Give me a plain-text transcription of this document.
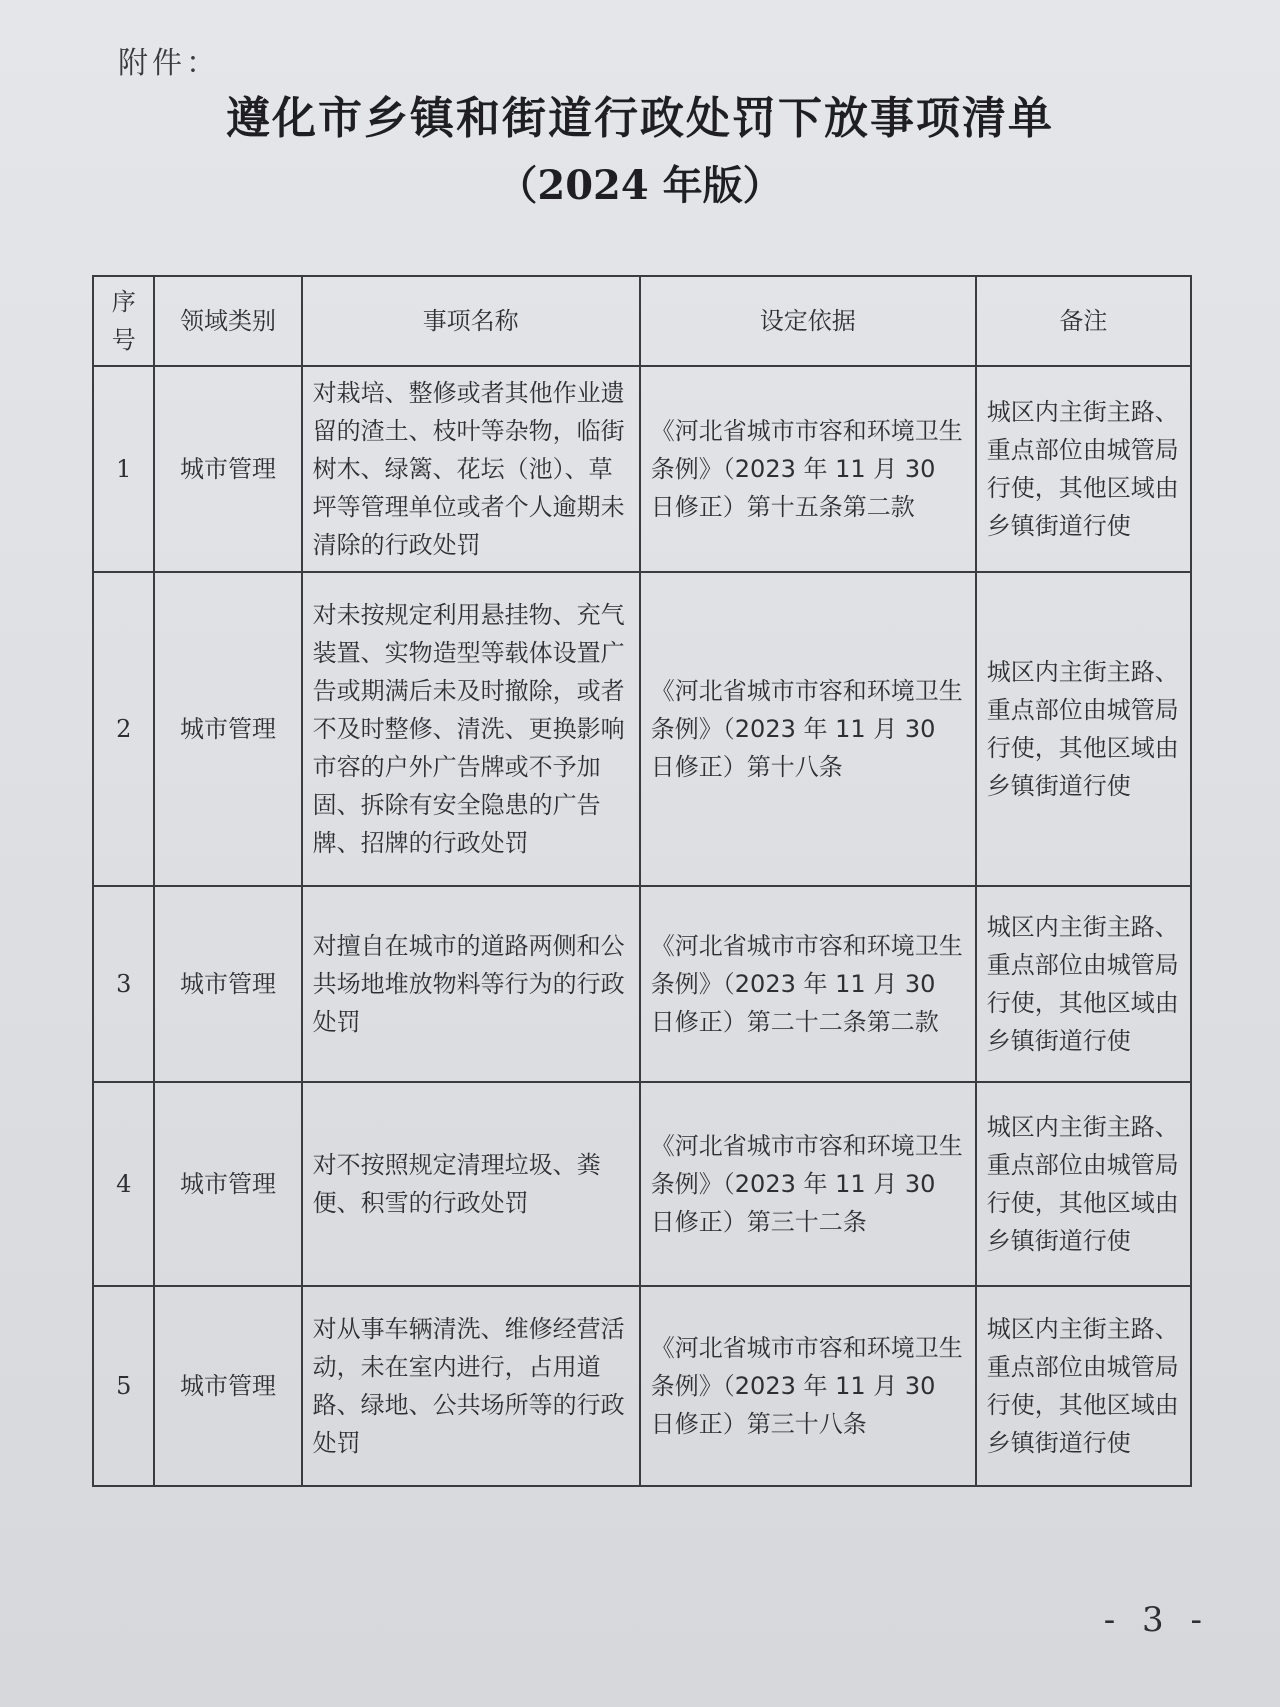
附件：
遵化市乡镇和街道行政处罚下放事项清单
（2024 年版）
序号	领域类别	事项名称	设定依据	备注
1	城市管理	对栽培、整修或者其他作业遗留的渣土、枝叶等杂物，临街树木、绿篱、花坛（池）、草坪等管理单位或者个人逾期未清除的行政处罚	《河北省城市市容和环境卫生条例》（2023 年 11 月 30 日修正）第十五条第二款	城区内主街主路、重点部位由城管局行使，其他区域由乡镇街道行使
2	城市管理	对未按规定利用悬挂物、充气装置、实物造型等载体设置广告或期满后未及时撤除，或者不及时整修、清洗、更换影响市容的户外广告牌或不予加固、拆除有安全隐患的广告牌、招牌的行政处罚	《河北省城市市容和环境卫生条例》（2023 年 11 月 30 日修正）第十八条	城区内主街主路、重点部位由城管局行使，其他区域由乡镇街道行使
3	城市管理	对擅自在城市的道路两侧和公共场地堆放物料等行为的行政处罚	《河北省城市市容和环境卫生条例》（2023 年 11 月 30 日修正）第二十二条第二款	城区内主街主路、重点部位由城管局行使，其他区域由乡镇街道行使
4	城市管理	对不按照规定清理垃圾、粪便、积雪的行政处罚	《河北省城市市容和环境卫生条例》（2023 年 11 月 30 日修正）第三十二条	城区内主街主路、重点部位由城管局行使，其他区域由乡镇街道行使
5	城市管理	对从事车辆清洗、维修经营活动，未在室内进行，占用道路、绿地、公共场所等的行政处罚	《河北省城市市容和环境卫生条例》（2023 年 11 月 30 日修正）第三十八条	城区内主街主路、重点部位由城管局行使，其他区域由乡镇街道行使
- 3 -
